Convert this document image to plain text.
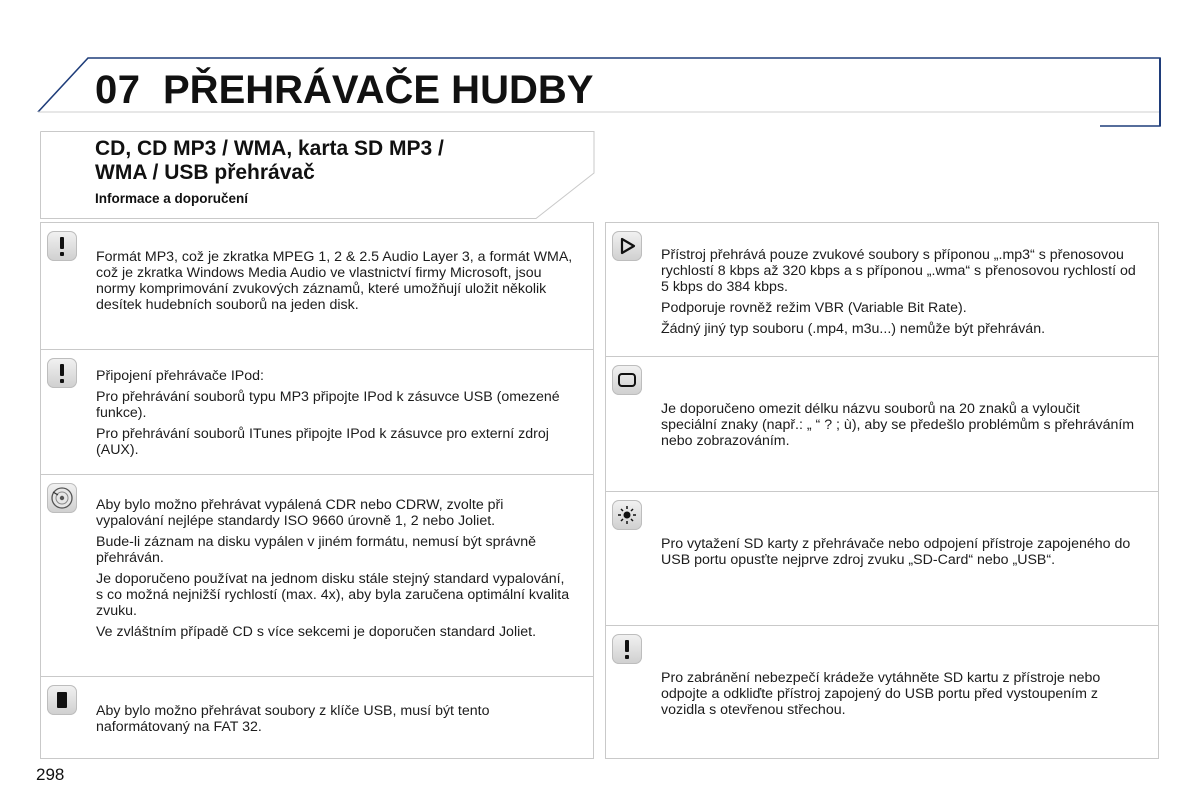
07 PŘEHRÁVAČE HUDBY
CD, CD MP3 / WMA, karta SD MP3 /
WMA / USB přehrávač
Informace a doporučení

Formát MP3, což je zkratka MPEG 1, 2 & 2.5 Audio Layer 3, a formát WMA, což je zkratka Windows Media Audio ve vlastnictví firmy Microsoft, jsou normy komprimování zvukových záznamů, které umožňují uložit několik desítek hudebních souborů na jeden disk.

Připojení přehrávače IPod:

Pro přehrávání souborů typu MP3 připojte IPod k zásuvce USB (omezené funkce).

Pro přehrávání souborů ITunes připojte IPod k zásuvce pro externí zdroj (AUX).

Aby bylo možno přehrávat vypálená CDR nebo CDRW, zvolte při vypalování nejlépe standardy ISO 9660 úrovně 1, 2 nebo Joliet.

Bude-li záznam na disku vypálen v jiném formátu, nemusí být správně přehráván.

Je doporučeno používat na jednom disku stále stejný standard vypalování, s co možná nejnižší rychlostí (max. 4x), aby byla zaručena optimální kvalita zvuku.

Ve zvláštním případě CD s více sekcemi je doporučen standard Joliet.

Aby bylo možno přehrávat soubory z klíče USB, musí být tento naformátovaný na FAT 32.

Přístroj přehrává pouze zvukové soubory s příponou „.mp3“ s přenosovou rychlostí 8 kbps až 320 kbps a s příponou „.wma“ s přenosovou rychlostí od 5 kbps do 384 kbps.

Podporuje rovněž režim VBR (Variable Bit Rate).

Žádný jiný typ souboru (.mp4, m3u...) nemůže být přehráván.

Je doporučeno omezit délku názvu souborů na 20 znaků a vyloučit speciální znaky (např.: „ “ ? ; ù), aby se předešlo problémům s přehráváním nebo zobrazováním.

Pro vytažení SD karty z přehrávače nebo odpojení přístroje zapojeného do USB portu opusťte nejprve zdroj zvuku „SD-Card“ nebo „USB“.

Pro zabránění nebezpečí krádeže vytáhněte SD kartu z přístroje nebo odpojte a odkliďte přístroj zapojený do USB portu před vystoupením z vozidla s otevřenou střechou.

298
